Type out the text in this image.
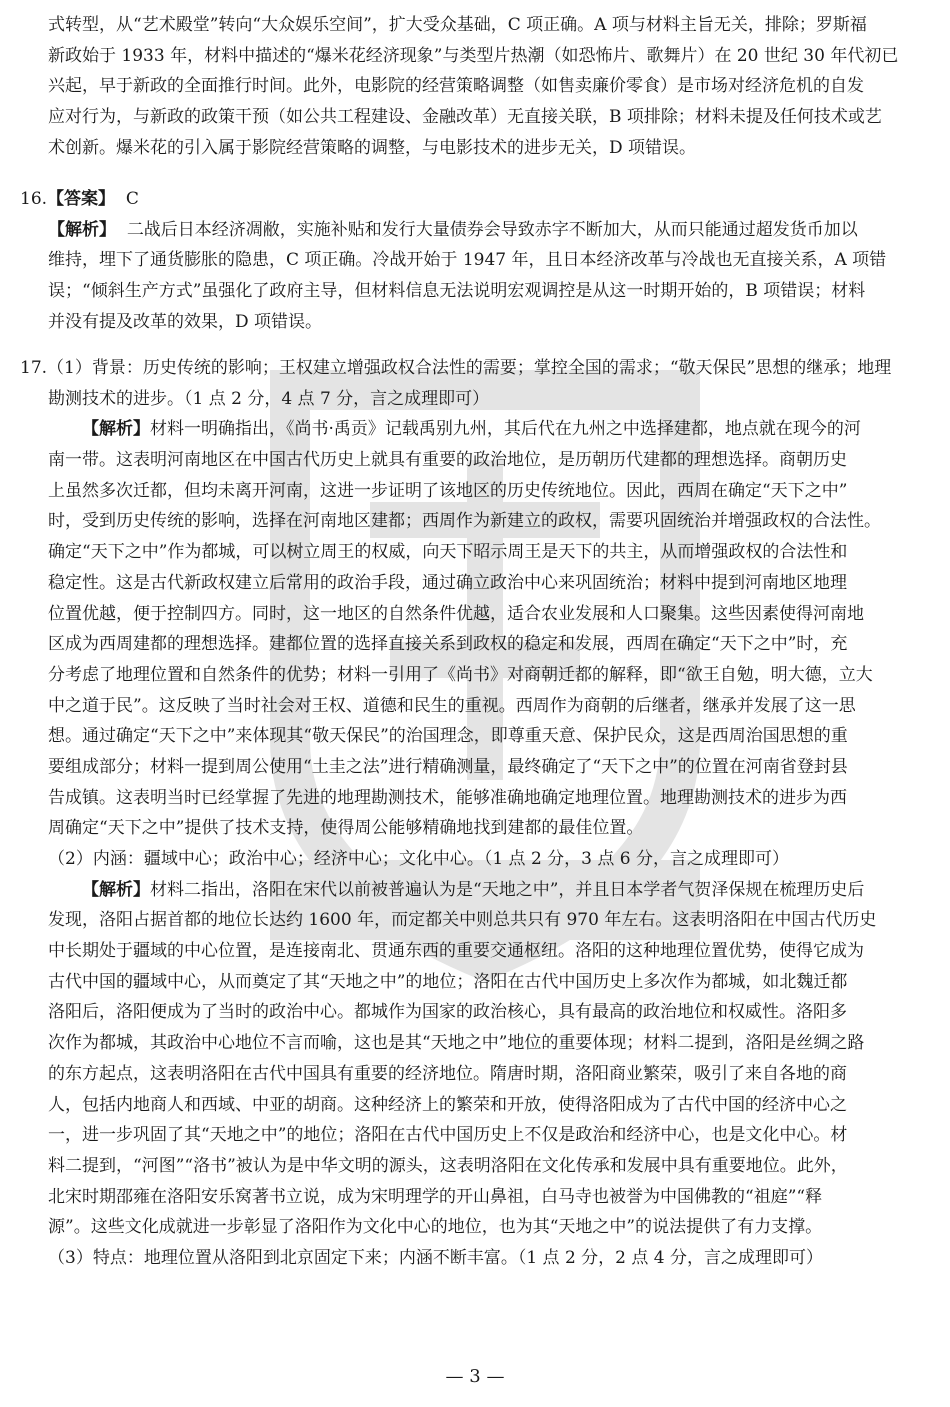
式转型，从“艺术殿堂”转向“大众娱乐空间”，扩大受众基础，C 项正确。A 项与材料主旨无关，排除；罗斯福
新政始于 1933 年，材料中描述的“爆米花经济现象”与类型片热潮（如恐怖片、歌舞片）在 20 世纪 30 年代初已
兴起，早于新政的全面推行时间。此外，电影院的经营策略调整（如售卖廉价零食）是市场对经济危机的自发
应对行为，与新政的政策干预（如公共工程建设、金融改革）无直接关联，B 项排除；材料未提及任何技术或艺
术创新。爆米花的引入属于影院经营策略的调整，与电影技术的进步无关，D 项错误。
16.【答案】 C
【解析】 二战后日本经济凋敝，实施补贴和发行大量债券会导致赤字不断加大，从而只能通过超发货币加以
维持，埋下了通货膨胀的隐患，C 项正确。冷战开始于 1947 年，且日本经济改革与冷战也无直接关系，A 项错
误；“倾斜生产方式”虽强化了政府主导，但材料信息无法说明宏观调控是从这一时期开始的，B 项错误；材料
并没有提及改革的效果，D 项错误。
17.（1）背景：历史传统的影响；王权建立增强政权合法性的需要；掌控全国的需求；“敬天保民”思想的继承；地理
勘测技术的进步。（1 点 2 分，4 点 7 分，言之成理即可）
【解析】材料一明确指出，《尚书·禹贡》记载禹别九州，其后代在九州之中选择建都，地点就在现今的河
南一带。这表明河南地区在中国古代历史上就具有重要的政治地位，是历朝历代建都的理想选择。商朝历史
上虽然多次迁都，但均未离开河南，这进一步证明了该地区的历史传统地位。因此，西周在确定“天下之中”
时，受到历史传统的影响，选择在河南地区建都；西周作为新建立的政权，需要巩固统治并增强政权的合法性。
确定“天下之中”作为都城，可以树立周王的权威，向天下昭示周王是天下的共主，从而增强政权的合法性和
稳定性。这是古代新政权建立后常用的政治手段，通过确立政治中心来巩固统治；材料中提到河南地区地理
位置优越，便于控制四方。同时，这一地区的自然条件优越，适合农业发展和人口聚集。这些因素使得河南地
区成为西周建都的理想选择。建都位置的选择直接关系到政权的稳定和发展，西周在确定“天下之中”时，充
分考虑了地理位置和自然条件的优势；材料一引用了《尚书》对商朝迁都的解释，即“欲王自勉，明大德，立大
中之道于民”。这反映了当时社会对王权、道德和民生的重视。西周作为商朝的后继者，继承并发展了这一思
想。通过确定“天下之中”来体现其“敬天保民”的治国理念，即尊重天意、保护民众，这是西周治国思想的重
要组成部分；材料一提到周公使用“土圭之法”进行精确测量，最终确定了“天下之中”的位置在河南省登封县
告成镇。这表明当时已经掌握了先进的地理勘测技术，能够准确地确定地理位置。地理勘测技术的进步为西
周确定“天下之中”提供了技术支持，使得周公能够精确地找到建都的最佳位置。
（2）内涵：疆域中心；政治中心；经济中心；文化中心。（1 点 2 分，3 点 6 分，言之成理即可）
【解析】材料二指出，洛阳在宋代以前被普遍认为是“天地之中”，并且日本学者气贺泽保规在梳理历史后
发现，洛阳占据首都的地位长达约 1600 年，而定都关中则总共只有 970 年左右。这表明洛阳在中国古代历史
中长期处于疆域的中心位置，是连接南北、贯通东西的重要交通枢纽。洛阳的这种地理位置优势，使得它成为
古代中国的疆域中心，从而奠定了其“天地之中”的地位；洛阳在古代中国历史上多次作为都城，如北魏迁都
洛阳后，洛阳便成为了当时的政治中心。都城作为国家的政治核心，具有最高的政治地位和权威性。洛阳多
次作为都城，其政治中心地位不言而喻，这也是其“天地之中”地位的重要体现；材料二提到，洛阳是丝绸之路
的东方起点，这表明洛阳在古代中国具有重要的经济地位。隋唐时期，洛阳商业繁荣，吸引了来自各地的商
人，包括内地商人和西域、中亚的胡商。这种经济上的繁荣和开放，使得洛阳成为了古代中国的经济中心之
一，进一步巩固了其“天地之中”的地位；洛阳在古代中国历史上不仅是政治和经济中心，也是文化中心。材
料二提到，“河图”“洛书”被认为是中华文明的源头，这表明洛阳在文化传承和发展中具有重要地位。此外，
北宋时期邵雍在洛阳安乐窝著书立说，成为宋明理学的开山鼻祖，白马寺也被誉为中国佛教的“祖庭”“释
源”。这些文化成就进一步彰显了洛阳作为文化中心的地位，也为其“天地之中”的说法提供了有力支撑。
（3）特点：地理位置从洛阳到北京固定下来；内涵不断丰富。（1 点 2 分，2 点 4 分，言之成理即可）
— 3 —
